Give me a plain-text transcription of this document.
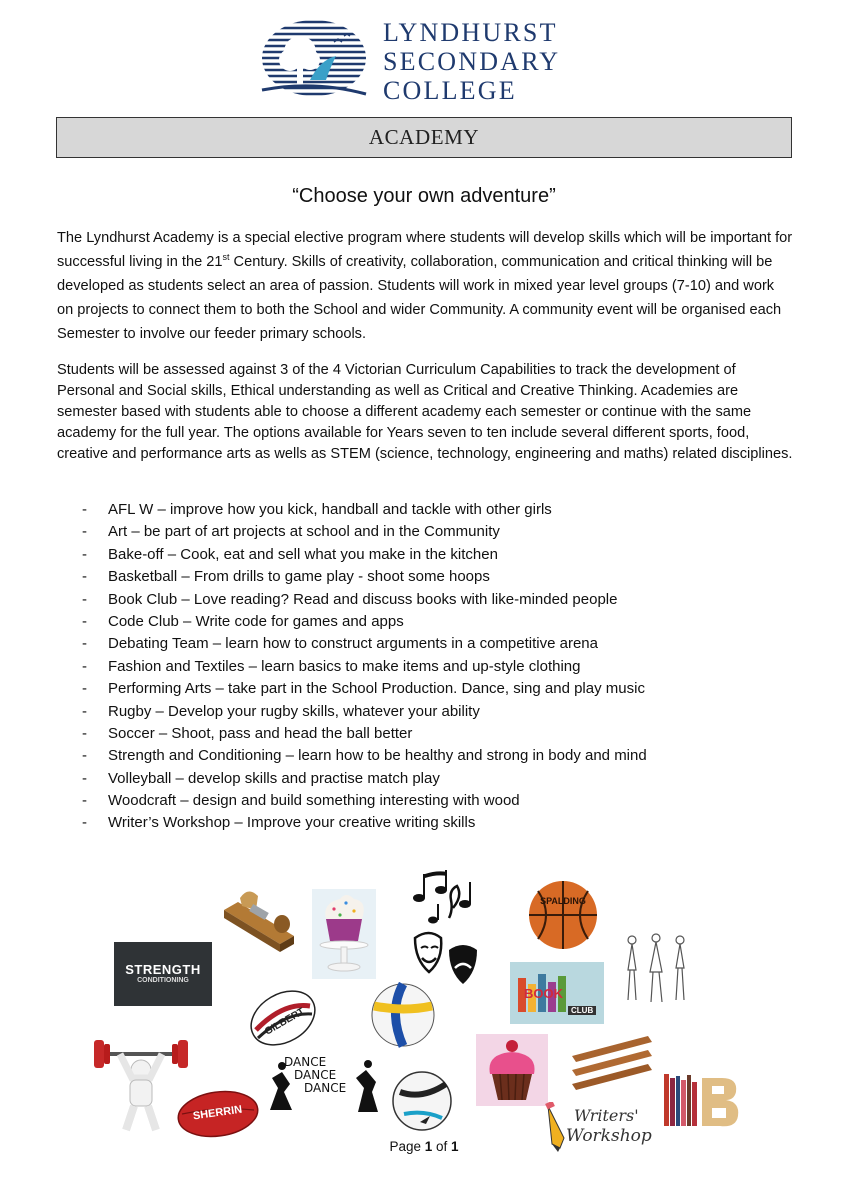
LYNDHURST
SECONDARY
COLLEGE
ACADEMY
“Choose your own adventure”
The Lyndhurst Academy is a special elective program where students will develop skills which will be important for successful living in the 21st Century. Skills of creativity, collaboration, communication and critical thinking will be developed as students select an area of passion. Students will work in mixed year level groups (7-10) and work on projects to connect them to both the School and wider Community. A community event will be organised each Semester to involve our feeder primary schools.
Students will be assessed against 3 of the 4 Victorian Curriculum Capabilities to track the development of Personal and Social skills, Ethical understanding as well as Critical and Creative Thinking. Academies are semester based with students able to choose a different academy each semester or continue with the same academy for the full year. The options available for Years seven to ten include several different sports, food, creative and performance arts as wells as STEM (science, technology, engineering and maths) related disciplines.
- AFL W – improve how you kick, handball and tackle with other girls
- Art – be part of art projects at school and in the Community
- Bake-off – Cook, eat and sell what you make in the kitchen
- Basketball – From drills to game play - shoot some hoops
- Book Club – Love reading? Read and discuss books with like-minded people
- Code Club – Write code for games and apps
- Debating Team – learn how to construct arguments in a competitive arena
- Fashion and Textiles – learn basics to make items and up-style clothing
- Performing Arts – take part in the School Production. Dance, sing and play music
- Rugby – Develop your rugby skills, whatever your ability
- Soccer – Shoot, pass and head the ball better
- Strength and Conditioning – learn how to be healthy and strong in body and mind
- Volleyball – develop skills and practise match play
- Woodcraft – design and build something interesting with wood
- Writer’s Workshop – Improve your creative writing skills
SPALDING
STRENGTH
CONDITIONING
GILBERT
BOOK
CLUB
SHERRIN
DANCE
DANCE
DANCE
Writers'
Workshop
Page 1 of 1
